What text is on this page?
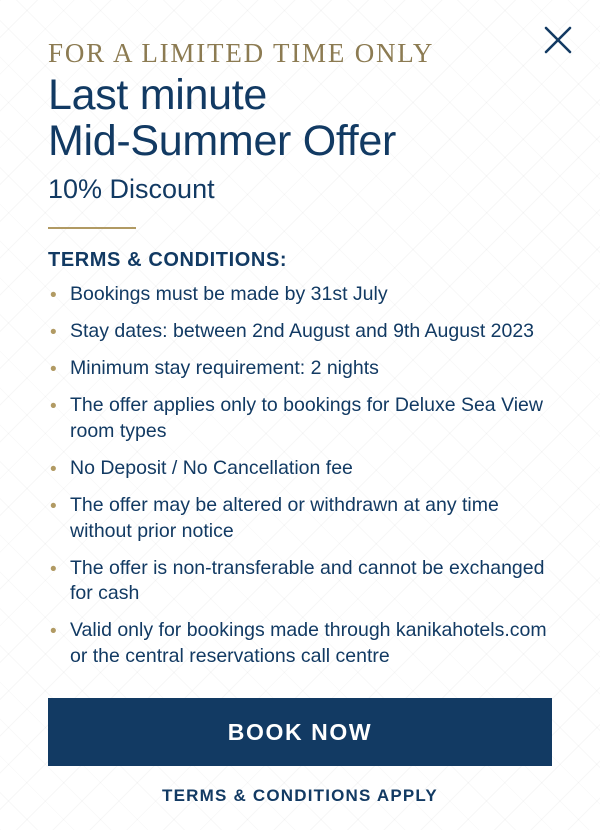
FOR A LIMITED TIME ONLY

Last minute
Mid-Summer Offer

10% Discount

TERMS & CONDITIONS:
• Bookings must be made by 31st July
• Stay dates: between 2nd August and 9th August 2023
• Minimum stay requirement: 2 nights
• The offer applies only to bookings for Deluxe Sea View room types
• No Deposit / No Cancellation fee
• The offer may be altered or withdrawn at any time without prior notice
• The offer is non-transferable and cannot be exchanged for cash
• Valid only for bookings made through kanikahotels.com or the central reservations call centre
BOOK NOW
TERMS & CONDITIONS APPLY
